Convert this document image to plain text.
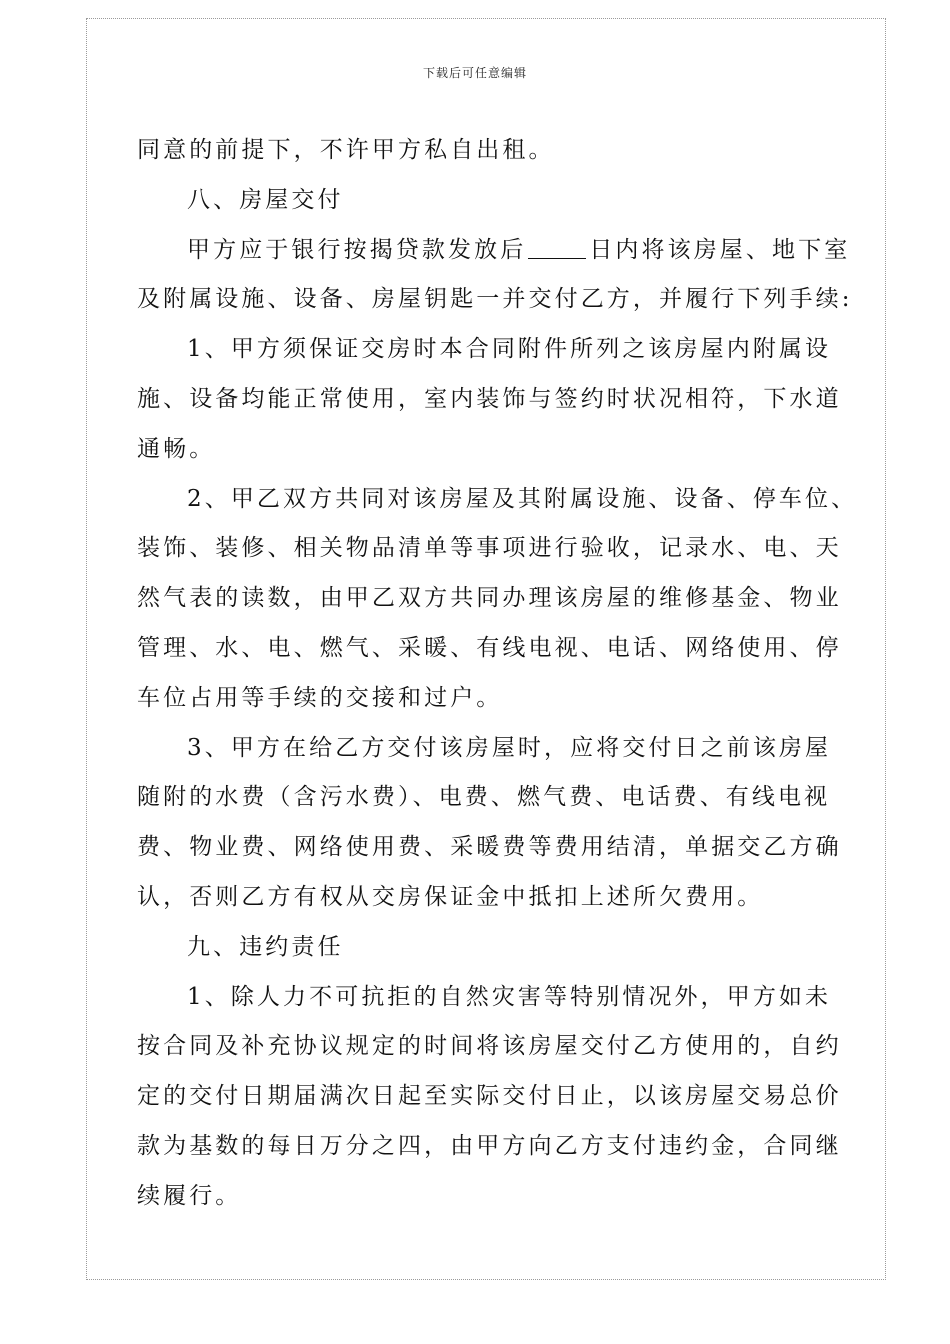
下载后可任意编辑
同意的前提下，不许甲方私自出租。
八、房屋交付
甲方应于银行按揭贷款发放后	日内将该房屋、地下室
及附属设施、设备、房屋钥匙一并交付乙方，并履行下列手续:
1、甲方须保证交房时本合同附件所列之该房屋内附属设
施、设备均能正常使用，室内装饰与签约时状况相符，下水道
通畅。
2、甲乙双方共同对该房屋及其附属设施、设备、停车位、
装饰、装修、相关物品清单等事项进行验收，记录水、电、天
然气表的读数，由甲乙双方共同办理该房屋的维修基金、物业
管理、水、电、燃气、采暖、有线电视、电话、网络使用、停
车位占用等手续的交接和过户。
3、甲方在给乙方交付该房屋时，应将交付日之前该房屋
随附的水费（含污水费）、电费、燃气费、电话费、有线电视
费、物业费、网络使用费、采暖费等费用结清，单据交乙方确
认，否则乙方有权从交房保证金中抵扣上述所欠费用。
九、违约责任
1、除人力不可抗拒的自然灾害等特别情况外，甲方如未
按合同及补充协议规定的时间将该房屋交付乙方使用的，自约
定的交付日期届满次日起至实际交付日止，以该房屋交易总价
款为基数的每日万分之四，由甲方向乙方支付违约金，合同继
续履行。
